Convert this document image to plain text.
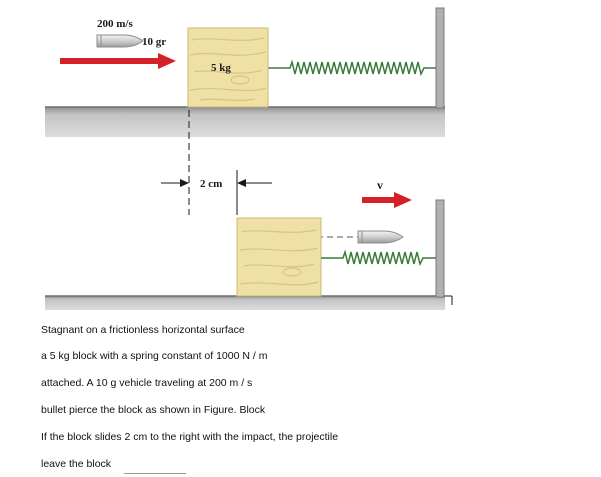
5 kg
200 m/s
10 gr
2 cm	v
Stagnant on a frictionless horizontal surface
a 5 kg block with a spring constant of 1000 N / m
attached. A 10 g vehicle traveling at 200 m / s
bullet pierce the block as shown in Figure. Block
If the block slides 2 cm to the right with the impact, the projectile
leave the block
